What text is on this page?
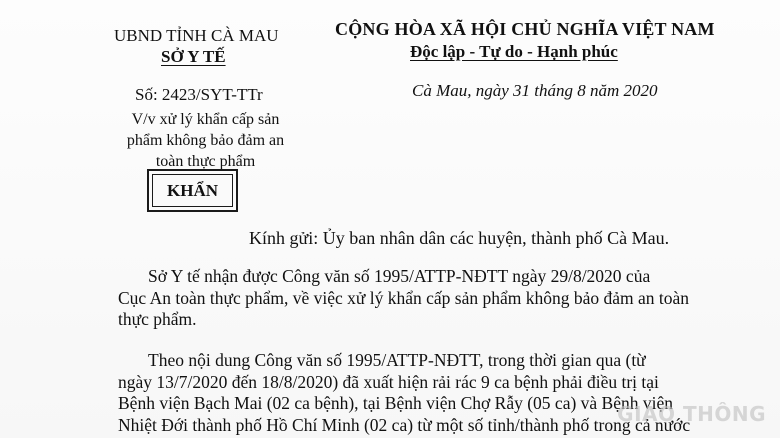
UBND TỈNH CÀ MAU
SỞ Y TẾ
CỘNG HÒA XÃ HỘI CHỦ NGHĨA VIỆT NAM
Độc lập - Tự do - Hạnh phúc
Số: 2423/SYT-TTr	Cà Mau, ngày 31 tháng 8 năm 2020
V/v xử lý khẩn cấp sản phẩm không bảo đảm an toàn thực phẩm
KHẨN
Kính gửi: Ủy ban nhân dân các huyện, thành phố Cà Mau.
Sở Y tế nhận được Công văn số 1995/ATTP-NĐTT ngày 29/8/2020 của
Cục An toàn thực phẩm, về việc xử lý khẩn cấp sản phẩm không bảo đảm an toàn
thực phẩm.
Theo nội dung Công văn số 1995/ATTP-NĐTT, trong thời gian qua (từ
ngày 13/7/2020 đến 18/8/2020) đã xuất hiện rải rác 9 ca bệnh phải điều trị tại
Bệnh viện Bạch Mai (02 ca bệnh), tại Bệnh viện Chợ Rẫy (05 ca) và Bệnh viện
Nhiệt Đới thành phố Hồ Chí Minh (02 ca) từ một số tỉnh/thành phố trong cả nước
GIAO THÔNG
